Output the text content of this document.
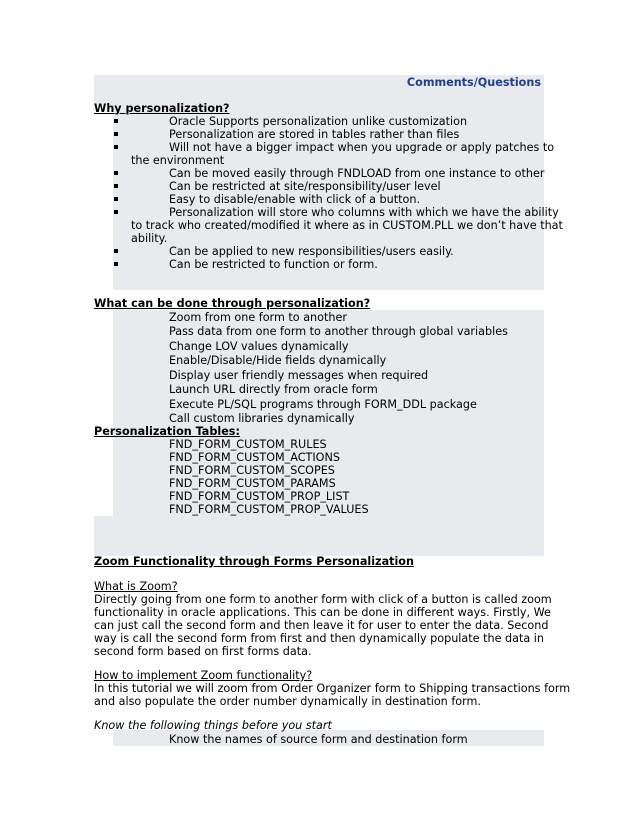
Comments/Questions
Why personalization?
Oracle Supports personalization unlike customization
Personalization are stored in tables rather than files
Will not have a bigger impact when you upgrade or apply patches to
the environment
Can be moved easily through FNDLOAD from one instance to other
Can be restricted at site/responsibility/user level
Easy to disable/enable with click of a button.
Personalization will store who columns with which we have the ability
to track who created/modified it where as in CUSTOM.PLL we don’t have that
ability.
Can be applied to new responsibilities/users easily.
Can be restricted to function or form.
What can be done through personalization?
Zoom from one form to another
Pass data from one form to another through global variables
Change LOV values dynamically
Enable/Disable/Hide fields dynamically
Display user friendly messages when required
Launch URL directly from oracle form
Execute PL/SQL programs through FORM_DDL package
Call custom libraries dynamically
Personalization Tables:
FND_FORM_CUSTOM_RULES
FND_FORM_CUSTOM_ACTIONS
FND_FORM_CUSTOM_SCOPES
FND_FORM_CUSTOM_PARAMS
FND_FORM_CUSTOM_PROP_LIST
FND_FORM_CUSTOM_PROP_VALUES
Zoom Functionality through Forms Personalization
What is Zoom?
Directly going from one form to another form with click of a button is called zoom
functionality in oracle applications. This can be done in different ways. Firstly, We
can just call the second form and then leave it for user to enter the data. Second
way is call the second form from first and then dynamically populate the data in
second form based on first forms data.
How to implement Zoom functionality?
In this tutorial we will zoom from Order Organizer form to Shipping transactions form
and also populate the order number dynamically in destination form.
Know the following things before you start
Know the names of source form and destination form
